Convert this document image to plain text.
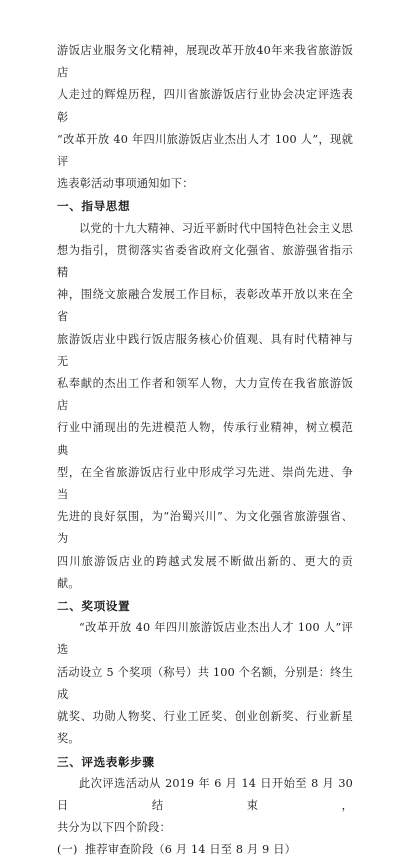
游饭店业服务文化精神，展现改革开放40年来我省旅游饭店

人走过的辉煌历程，四川省旅游饭店行业协会决定评选表彰

“改革开放 40 年四川旅游饭店业杰出人才 100 人”，现就评

选表彰活动事项通知如下：

一、指导思想

以党的十九大精神、习近平新时代中国特色社会主义思

想为指引，贯彻落实省委省政府文化强省、旅游强省指示精

神，围绕文旅融合发展工作目标，表彰改革开放以来在全省

旅游饭店业中践行饭店服务核心价值观、具有时代精神与无

私奉献的杰出工作者和领军人物，大力宣传在我省旅游饭店

行业中涌现出的先进模范人物，传承行业精神，树立模范典

型，在全省旅游饭店行业中形成学习先进、崇尚先进、争当

先进的良好氛围，为“治蜀兴川”、为文化强省旅游强省、为

四川旅游饭店业的跨越式发展不断做出新的、更大的贡献。

二、奖项设置

“改革开放 40 年四川旅游饭店业杰出人才 100 人”评选

活动设立 5 个奖项（称号）共 100 个名额，分别是：终生成

就奖、功勋人物奖、行业工匠奖、创业创新奖、行业新星奖。

三、评选表彰步骤

此次评选活动从 2019 年 6 月 14 日开始至 8 月 30 日结束，

共分为以下四个阶段：

(一) 推荐审查阶段（6 月 14 日至 8 月 9 日）
